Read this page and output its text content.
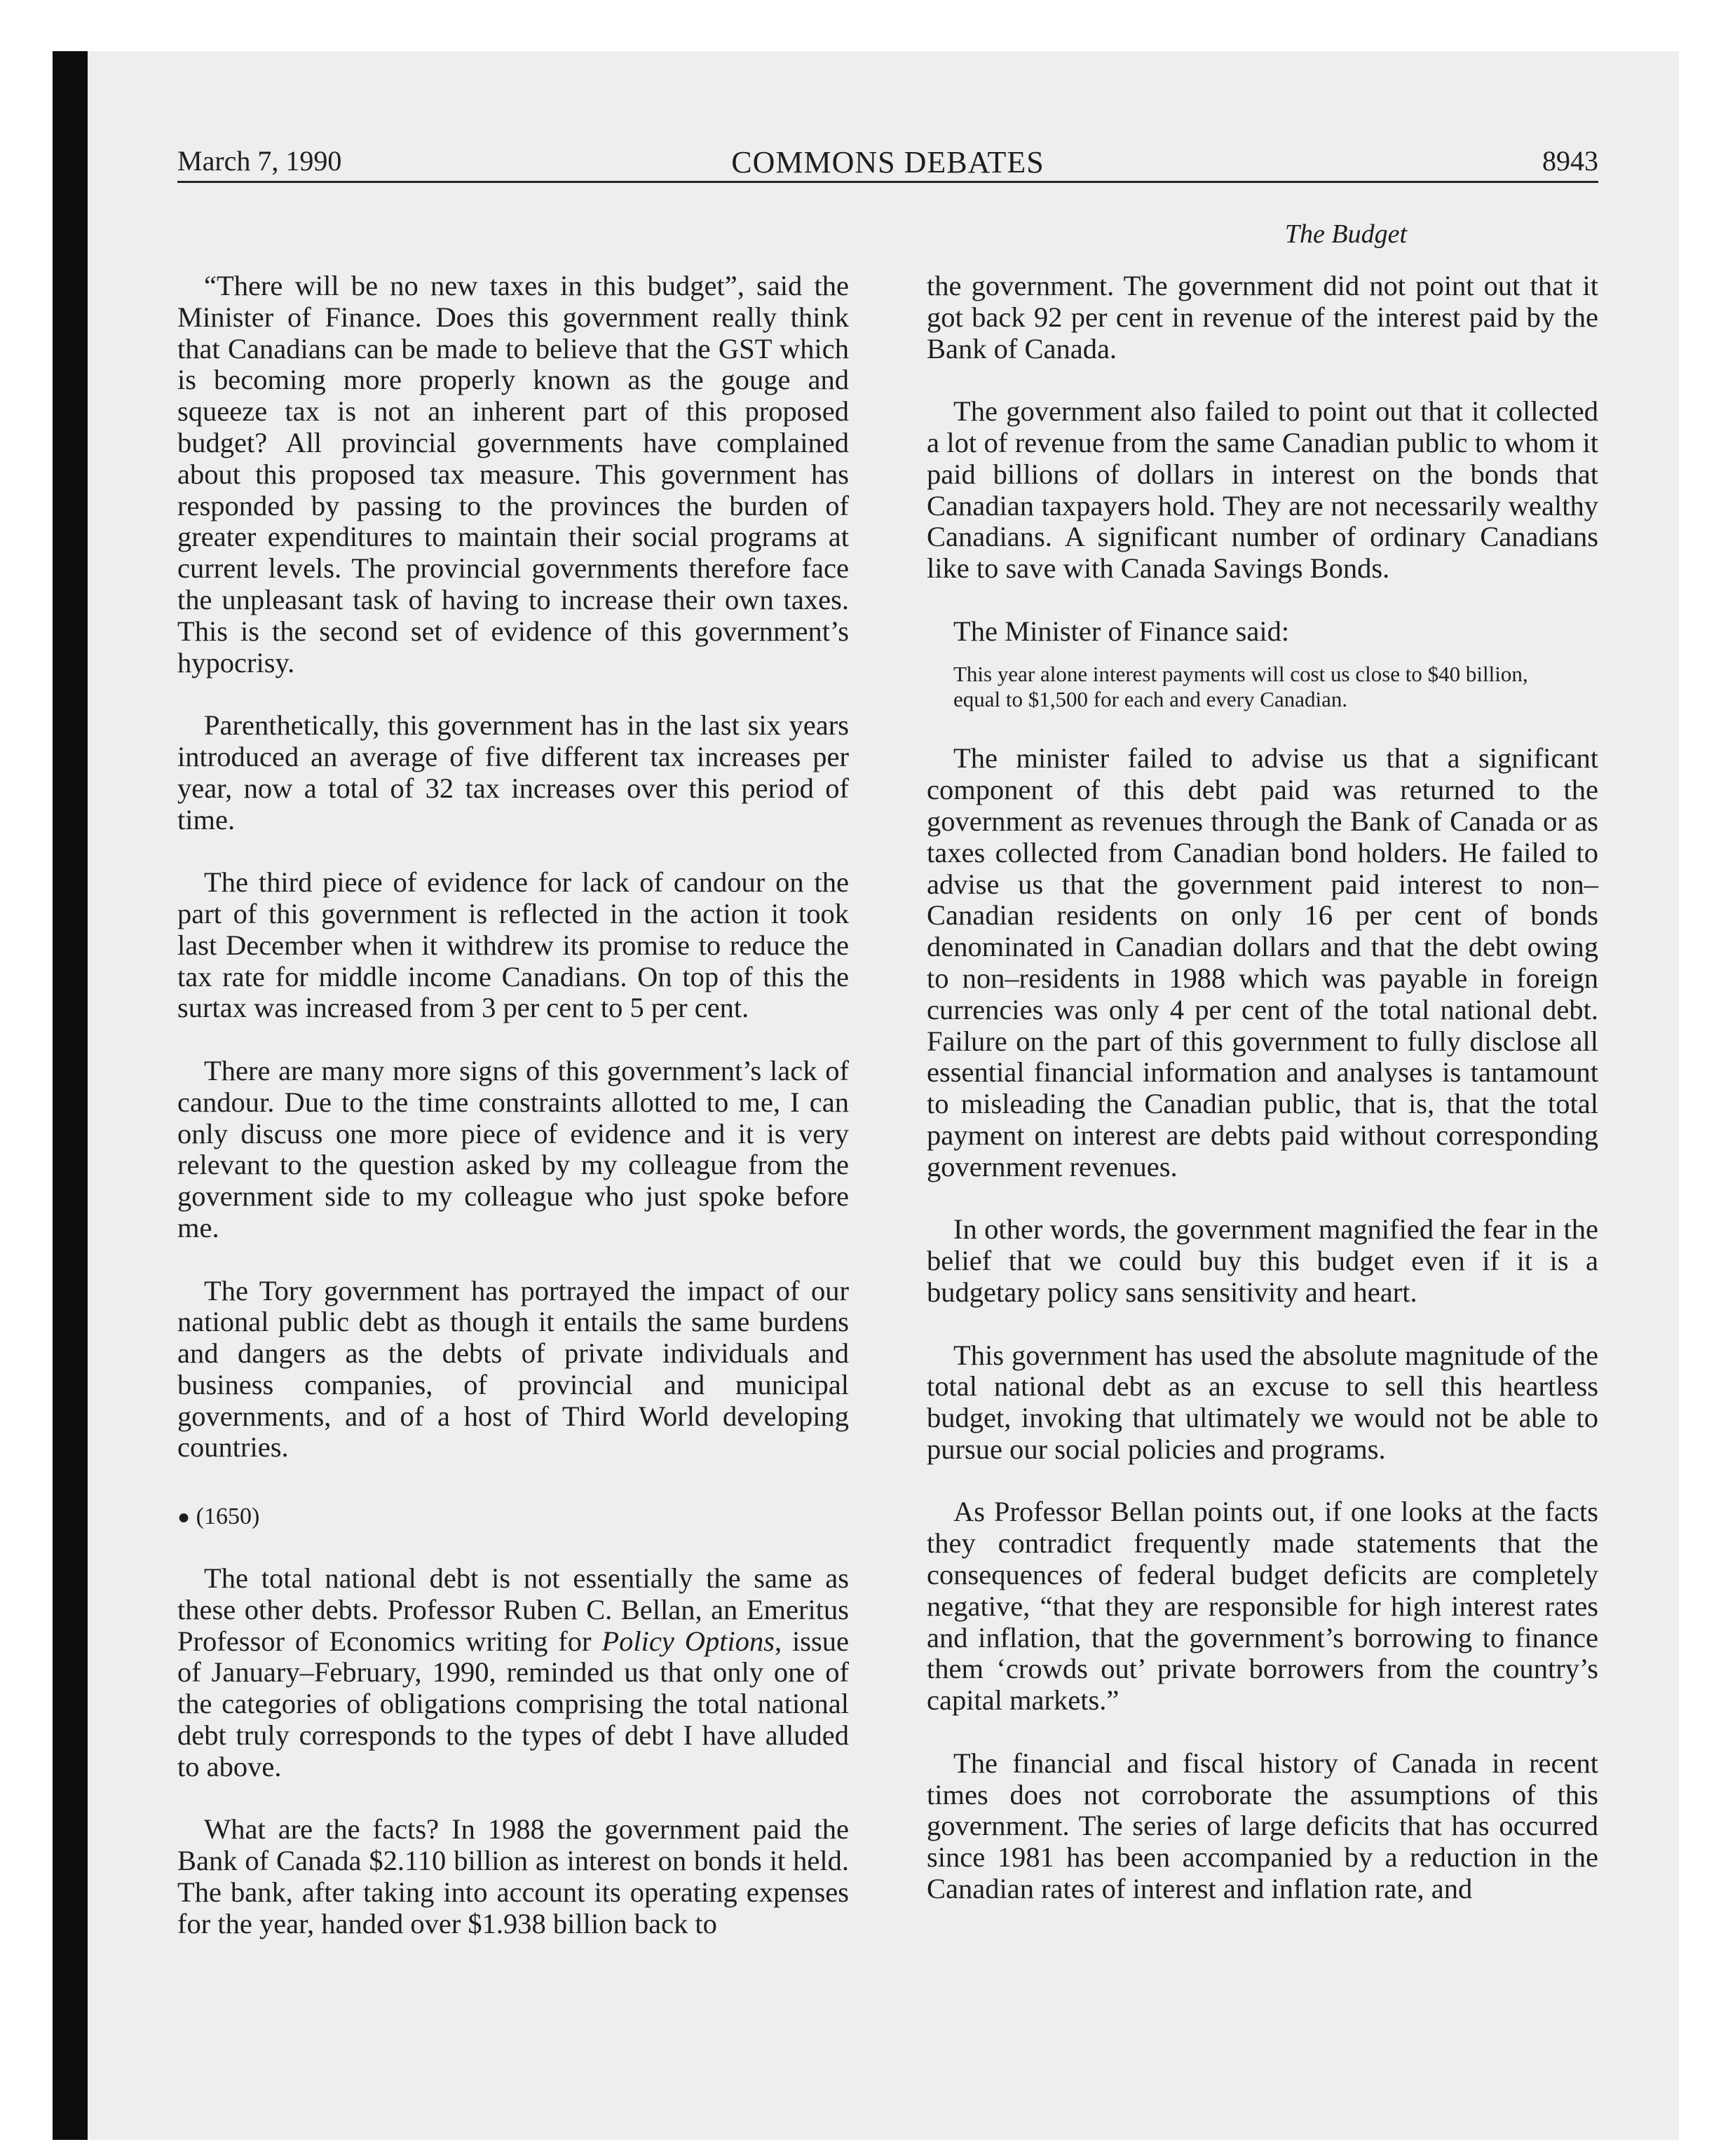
March 7, 1990	COMMONS DEBATES	8943
The Budget

“There will be no new taxes in this budget”, said the Minister of Finance. Does this government really think that Canadians can be made to believe that the GST which is becoming more properly known as the gouge and squeeze tax is not an inherent part of this proposed budget? All provincial governments have complained about this proposed tax measure. This government has responded by passing to the provinces the burden of greater expenditures to maintain their social programs at current levels. The provincial governments therefore face the unpleasant task of having to increase their own taxes. This is the second set of evidence of this government’s hypocrisy.

Parenthetically, this government has in the last six years introduced an average of five different tax increases per year, now a total of 32 tax increases over this period of time.

The third piece of evidence for lack of candour on the part of this government is reflected in the action it took last December when it withdrew its promise to reduce the tax rate for middle income Canadians. On top of this the surtax was increased from 3 per cent to 5 per cent.

There are many more signs of this government’s lack of candour. Due to the time constraints allotted to me, I can only discuss one more piece of evidence and it is very relevant to the question asked by my colleague from the government side to my colleague who just spoke before me.

The Tory government has portrayed the impact of our national public debt as though it entails the same burdens and dangers as the debts of private individuals and business companies, of provincial and municipal governments, and of a host of Third World developing countries.

● (1650)

The total national debt is not essentially the same as these other debts. Professor Ruben C. Bellan, an Emeritus Professor of Economics writing for Policy Options, issue of January–February, 1990, reminded us that only one of the categories of obligations comprising the total national debt truly corresponds to the types of debt I have alluded to above.

What are the facts? In 1988 the government paid the Bank of Canada $2.110 billion as interest on bonds it held. The bank, after taking into account its operating expenses for the year, handed over $1.938 billion back to

the government. The government did not point out that it got back 92 per cent in revenue of the interest paid by the Bank of Canada.

The government also failed to point out that it collected a lot of revenue from the same Canadian public to whom it paid billions of dollars in interest on the bonds that Canadian taxpayers hold. They are not necessarily wealthy Canadians. A significant number of ordinary Canadians like to save with Canada Savings Bonds.

The Minister of Finance said:

This year alone interest payments will cost us close to $40 billion,
equal to $1,500 for each and every Canadian.

The minister failed to advise us that a significant component of this debt paid was returned to the government as revenues through the Bank of Canada or as taxes collected from Canadian bond holders. He failed to advise us that the government paid interest to non–Canadian residents on only 16 per cent of bonds denominated in Canadian dollars and that the debt owing to non–residents in 1988 which was payable in foreign currencies was only 4 per cent of the total national debt. Failure on the part of this government to fully disclose all essential financial information and analyses is tantamount to misleading the Canadian public, that is, that the total payment on interest are debts paid without corresponding government revenues.

In other words, the government magnified the fear in the belief that we could buy this budget even if it is a budgetary policy sans sensitivity and heart.

This government has used the absolute magnitude of the total national debt as an excuse to sell this heartless budget, invoking that ultimately we would not be able to pursue our social policies and programs.

As Professor Bellan points out, if one looks at the facts they contradict frequently made statements that the consequences of federal budget deficits are completely negative, “that they are responsible for high interest rates and inflation, that the government’s borrowing to finance them ‘crowds out’ private borrowers from the country’s capital markets.”

The financial and fiscal history of Canada in recent times does not corroborate the assumptions of this government. The series of large deficits that has occurred since 1981 has been accompanied by a reduction in the Canadian rates of interest and inflation rate, and
